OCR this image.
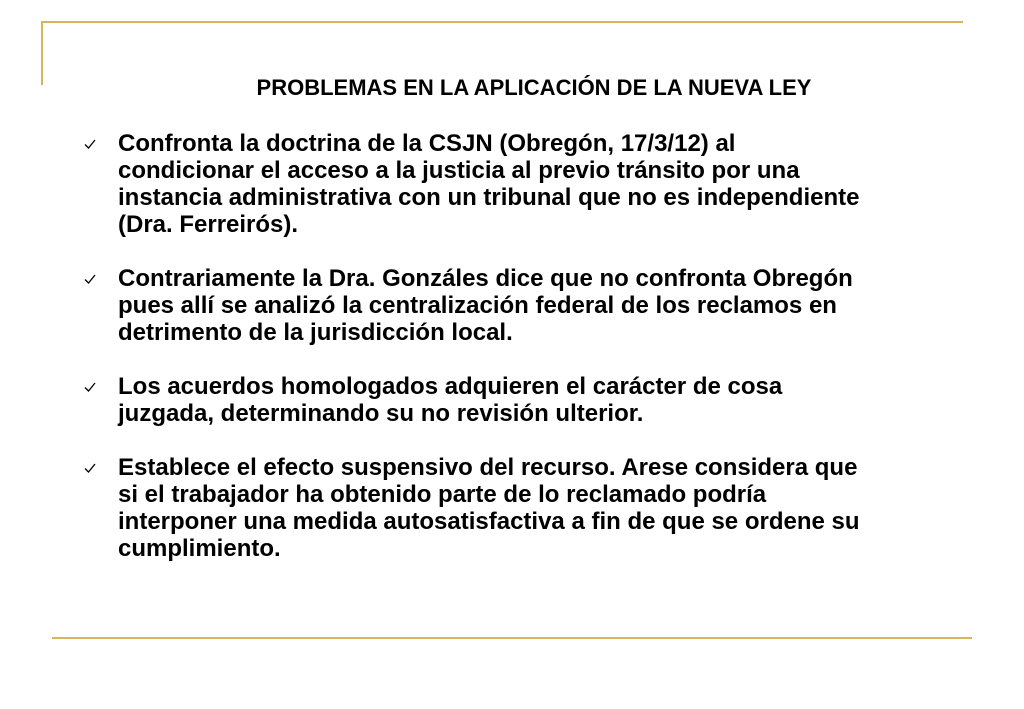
PROBLEMAS EN LA APLICACIÓN DE LA NUEVA LEY
Confronta la doctrina de la CSJN (Obregón, 17/3/12) al
condicionar el acceso a la justicia al previo tránsito por una
instancia administrativa con un tribunal que no es independiente
(Dra. Ferreirós).
Contrariamente la Dra. Gonzáles dice que no confronta Obregón
pues allí se analizó la centralización federal de los reclamos en
detrimento de la jurisdicción local.
Los acuerdos homologados adquieren el carácter de cosa
juzgada, determinando su no revisión ulterior.
Establece el efecto suspensivo del recurso. Arese considera que
si el trabajador ha obtenido parte de lo reclamado podría
interponer una medida autosatisfactiva a fin de que se ordene su
cumplimiento.
